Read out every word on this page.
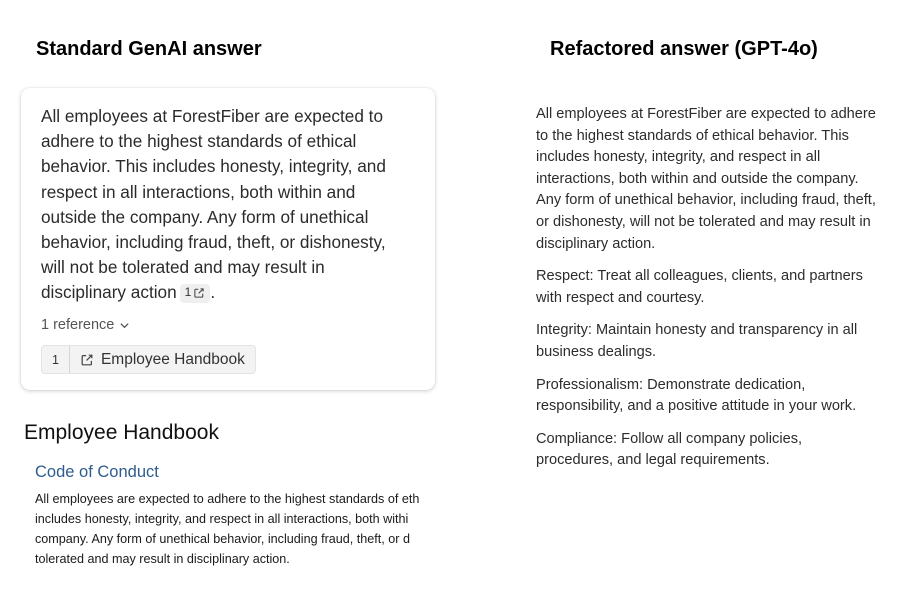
Standard GenAI answer	Refactored answer (GPT-4o)
All employees at ForestFiber are expected to adhere to the highest standards of ethical behavior. This includes honesty, integrity, and respect in all interactions, both within and outside the company. Any form of unethical behavior, including fraud, theft, or dishonesty, will not be tolerated and may result in disciplinary action 1 .
1 reference
1	Employee Handbook
Employee Handbook
Code of Conduct
All employees are expected to adhere to the highest standards of eth
includes honesty, integrity, and respect in all interactions, both withi
company. Any form of unethical behavior, including fraud, theft, or d
tolerated and may result in disciplinary action.

All employees at ForestFiber are expected to adhere to the highest standards of ethical behavior. This includes honesty, integrity, and respect in all interactions, both within and outside the company. Any form of unethical behavior, including fraud, theft, or dishonesty, will not be tolerated and may result in disciplinary action.

Respect: Treat all colleagues, clients, and partners with respect and courtesy.

Integrity: Maintain honesty and transparency in all business dealings.

Professionalism: Demonstrate dedication, responsibility, and a positive attitude in your work.

Compliance: Follow all company policies, procedures, and legal requirements.
